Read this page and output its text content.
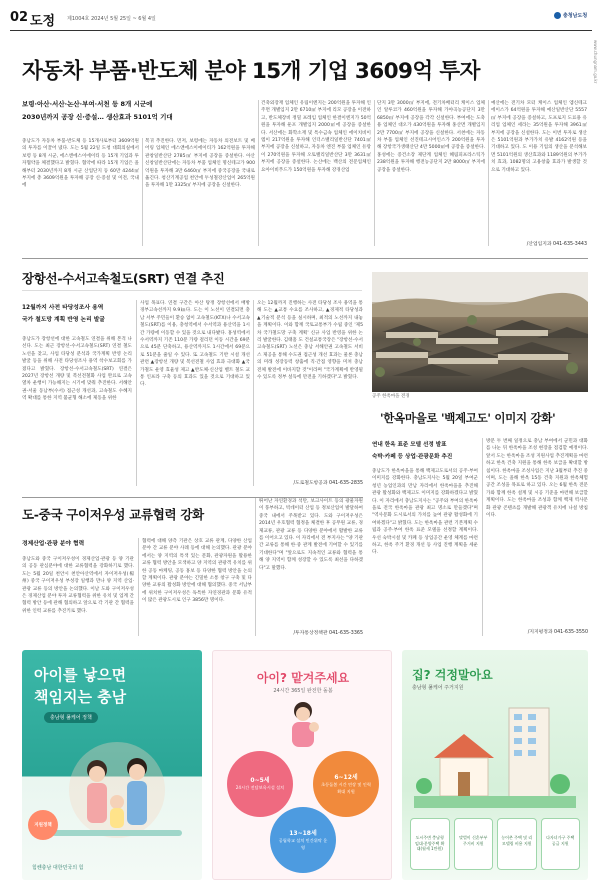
02 도정 제1004호 2024년 5월 25일 ~ 6월 4일	충청남도청
www.chungnam.go.kr
자동차 부품·반도체 분야 15개 기업 3609억 투자
보령·아산·서산·논산·부여·서천 등 8개 시군에
2030년까지 공장 신·증설… 생산효과 5101억 기대
충남도가 자동차 부품·반도체 등 15개사로부터 3609억원의 투자를 이끌어 냈다. 도는 5월 22일 도청 대회의실에서 보령 등 8개 시군, 에스앤에스이에이티 등 15개 기업과 투자협약을 체결했다고 밝혔다. 협약에 따라 15개 기업은 올해부터 2030년까지 8개 시군 산업단지 등 60만 4244㎡ 부지에 총 3609억원을 투자해 공장 신·증설 및 이전, 국내에
복귀 추진한다. 먼저, 보령에는 자동차 의전보트 및 베어링 업체인 에스앤에스이에이티가 162억원을 투자해 관창일반산단 2785㎡ 부지에 공장을 증설한다. 아산 신창일반산단에는 자동차 부품 업체인 명신테크가 900억원을 투자해 3만 6460㎡ 부지에 중국공장을 국내로 옮긴다. 청산기계공업 천안에 두성철강산업이 265억원을 투자해 1만 3325㎡ 부지에 공장을 신설한다.
건축외장재 업체인 유림이엔지는 200억원을 투자해 인주면 개별입지 2만 6710㎡ 부지에 리모 공장을 이전하고, 반도체장비 정밀 프레임 업체인 한결이엔지가 50억원을 투자해 둔포 개별입지 2000㎡에 공장을 증설한다. 서산에는 화학소재 및 특수금속 업체인 에이치비이엠이 217억원을 투자해 인더스밸리일반산단 7401㎡ 부지에 공장을 신설하고, 자동차 엔진 부품 업체인 듀랑이 270억원을 투자해 오토밸리일반산단 3만 3631㎡ 부지에 공장을 증설한다. 논산에는 백산의 전문업체인 요아이비푸드가 150억원을 투자해 강경산업
단지 3만 3000㎡ 부지에, 전기차배터리 케이스 업체인 알루코가 460억원을 투자해 가야곡농공단지 3만 6850㎡ 부지에 공장을 각각 신설한다. 부여에는 도축용 업체인 대오가 430억원을 투자해 홍산면 개별입지 2만 7700㎡ 부지에 공장을 신설한다. 서천에는 자동차 부품 업체인 선진테크시어인스가 200억원을 투자해 장항국가생태산단 4만 5000㎡에 공장을 증설한다. 홍성에는 증건소장 제단계 업체인 혜림피프라스틱가 238억원을 투자해 행전농공단지 2만 8000㎡ 부지에 공장을 증설한다.
예산에는 전기차 모터 케이스 업체인 엠신테크에이스가 64억원을 투자해 예산일반산단 5557㎡ 부지에 공장을 증설하고, 도프로지 도료용 유리업 업체인 세라는 35억원을 투자해 3961㎡ 부지에 공장을 신설한다. 도는 이번 투자로 생산은 5101억원과 부가가치 유발 4162억원 등을 기대하고 있다. 도 이용 기업의 생산을 분석해보면 5101억원의 생산효과와 1189억원의 부가가치 효과, 1082명의 고용창출 효과가 발생할 것으로 기대하고 있다.
/산업입지과 041-635-3443
장항선-수서고속철도(SRT) 연결 추진
12월까지 사전 타당성조사 용역
국가 철도망 계획 반영 논리 발굴
충남도가 장항선에 대한 고속철도 연결을 위해 본격 나선다. 도는 최근 장항선-수서고속철도(SRT) 연결 철도 노선을 찾고, 사업 타당성 분석과 국가계획 반영 논리 발굴 등을 위해 사전 타당성조사 용역 착수보고회를 가졌다고 밝혔다. 장항선-수서고속철도(SRT) 연결은 2027년 장항선 개량 및 복선전철화 사업 완료로 고속열차 운행이 가능해지는 시기에 맞춰 추진한다. 서해안권-서울 동남부(수서) 접근성 개선과, 고속철도 수혜지역 확대를 통한 지역 불균형 해소에 제동을 위한
사업 목표다. 연결 구간은 아산 탕정 장항선에서 배방 경부고속선까지 9.9㎞다. 도는 이 노선이 연결되면 충남 서부 주민들이 환승 없이 고속철도(KTX)나 수서고속철도(SRT)를 이용, 충청역에서 수서역과 용산역을 1시간 가량에 이동할 수 있을 것으로 내다봤다. 홍성역에서 수서역까지 기존 110분 가량 걸리던 이동 시간을 69분으로 45분 단축하고, 용산역까지도 1시간에서 69분으로 51분을 줄일 수 있다. 또 고속철도 기반 시설 개선 관련 ▲장항선 개량 및 복선전철 사업 효과 극대화 ▲국가철도 운영 효율성 제고 ▲반도체·신산업 벨트 철도 교통 인프라 구축 등의 효과도 있을 것으로 기대하고 있다.
오는 12월까지 진행하는 사전 타당성 조사 용역을 통해 도는 ▲교통 수요를 조사하고, ▲경제적 타당성과 ▲기술적 분석 등을 실시하며, 최적의 노선까지 내놓을 계획이다. 이와 함께 국토교통부가 수립 중인 '제5차 국가철도망 구축 계획' 신규 사업 반영을 위한 논리 발굴한다. 김태흠 도 건설교통국장은 "장항선-수서고속철도(SRT) 노선은 충남 서해안권 고속철도 서비스 제공을 통해 수도권 접근성 개선 효과는 물론 충남의 미래 성장동력 창출에 직·간접 영향을 미쳐 충남 전체 발전에 이바지할 것"이라며 "국가계획에 반영될 수 있도록 정부 설득에 만전을 기하겠다"고 밝혔다.
/도로철도항공과 041-635-2835
공주 한옥마을 전경
'한옥마을로 '백제고도' 이미지 강화'
연내 한옥 표준 모델 선정 발표
숙박·카페 등 상업·관광문화 추진
충남도가 한옥마을을 통해 백제고도로서의 공주·부여 이미지를 강화한다. 충남도지사는 5월 20일 부여군 청년 농업인과의 만남 자리에서 한옥마을을 추진해 관광 활성화와 백제고도 이미지를 강화하겠다고 밝혔다. 이 자리에서 충남도지사는 "공주와 부여의 한옥마을로 전국 한옥마을 관광 최고 명소로 만들겠다"며 "역사문화 도시로서의 가치를 높여 관광 활성화에 기여하겠다"고 밝혔다. 도는 한옥마을 관련 기본계획 수립과 공주·부여 한옥 표준 모델을 선정할 계획이다. 우선 숙박시설 및 카페 등 상업공간 운영 체계를 마련하고, 한옥 주거 환경 개선 등 사업 진행 계획을 세운다.
방문 두 번째 일정으로 충남 부여에서 군민과 대화를 나눈 뒤 한옥마을 조성 현장을 점검할 예정이다. 앞서 도는 한옥마을 조성 지원사업 추진계획을 마련하고 한옥 건축 지원을 통해 한옥 보급을 확대할 방침이다. 한옥마을 조성사업은 지난 3월부터 추진 중이며, 도는 올해 한옥 15동 건축 지원과 한옥체험 공간 조성을 목표로 하고 있다. 오는 6월 한옥 전문가와 함께 한옥 설계 및 시공 기준을 마련해 보급할 계획이다. 도는 한옥마을 조성과 함께 백제 역사문화 관광 콘텐츠를 개발해 관광객 유치에 나설 방침이다.
/지지평정과 041-635-3550
도-중국 구이저우성 교류협력 강화
경제산업·관광 분야 협력
충남도와 중국 구이저우성이 경제산업·관광 등 양 기관의 공동 관심분야에 대한 교류협력을 강화하기로 했다. 도는 5월 20일 천안시 천안아산역에서 자이저우성(楊州) 중국 구이저우성 부성장 일행과 만나 양 지역 산업·관광 교류 등의 방안을 논의했다. 이날 도와 구이저우성은 경제산업 분야 투자 교류협력을 위한 유치 및 업계 간 협력 방안 등에 관해 협의하고 앞으로 각 기관 간 협력을 위한 인력 교류를 추진키로 했다.
협력에 대해 양측 기관은 상호 교류 관계, 다양한 산업 분야 간 교류 분야 사례 등에 대해 논의했다. 관광 분야에서는 양 지역의 특색 있는 문화, 관광자원을 활용한 교류 협력 방안을 모색하고 양 지역의 관광객 유치를 위한 공동 마케팅, 공동 홍보 등 다양한 협력 방안을 논의할 계획이다. 관광 분야는 긴밀한 소통 창구 구축 및 다양한 교류의 활성화 방안에 대해 협의했다. 중국 서남부에 위치한 구이저우성은 독특한 자연경관과 문화 유적이 많은 관광도시로 인구 3856만 명이다.
뛰어난 자연환경과 석탄, 보크사이트 등의 광물자원이 풍부하고, 빅데이터 산업 등 정보산업이 발달하여 중국 내에서 주목받고 있다. 도와 구이저우성은 2014년 우호협력 협정을 체결한 후 공무원 교류, 경제교류, 관광 교류 등 다양한 분야에서 활발한 교류를 이어오고 있다. 이 자리에서 전 부지사는 "양 기관 간 교류를 통해 한·중 관계 발전에 기여할 수 있기를 기대한다"며 "앞으로도 지속적인 교류와 협력을 통해 양 지역이 함께 성장할 수 있도록 최선을 다하겠다"고 말했다.
/투자통상정책관 041-635-3365
아이를 낳으면
책임지는 충남
충남형 풀케어 정책
지원정책
힘쎈충남 대한민국의 힘
아이? 맡겨주세요
24시간 365일 완전한 돌봄
0~5세
24시간 전담보육시설 설치
6~12세
초등돌봄 시간 연장 및 인력 확대 지원
13~18세
공립학교 설치 민간위탁 운영
집? 걱정말아요
충남형 풀케어 주거지원
도시주변 충남형 임대·분양주택 확대(월세 1만원)
맞벌이 신혼부부 주거비 지원
농어촌 주택 및 리모델링 비용 지원
다자녀가구 주택 공급 지원
